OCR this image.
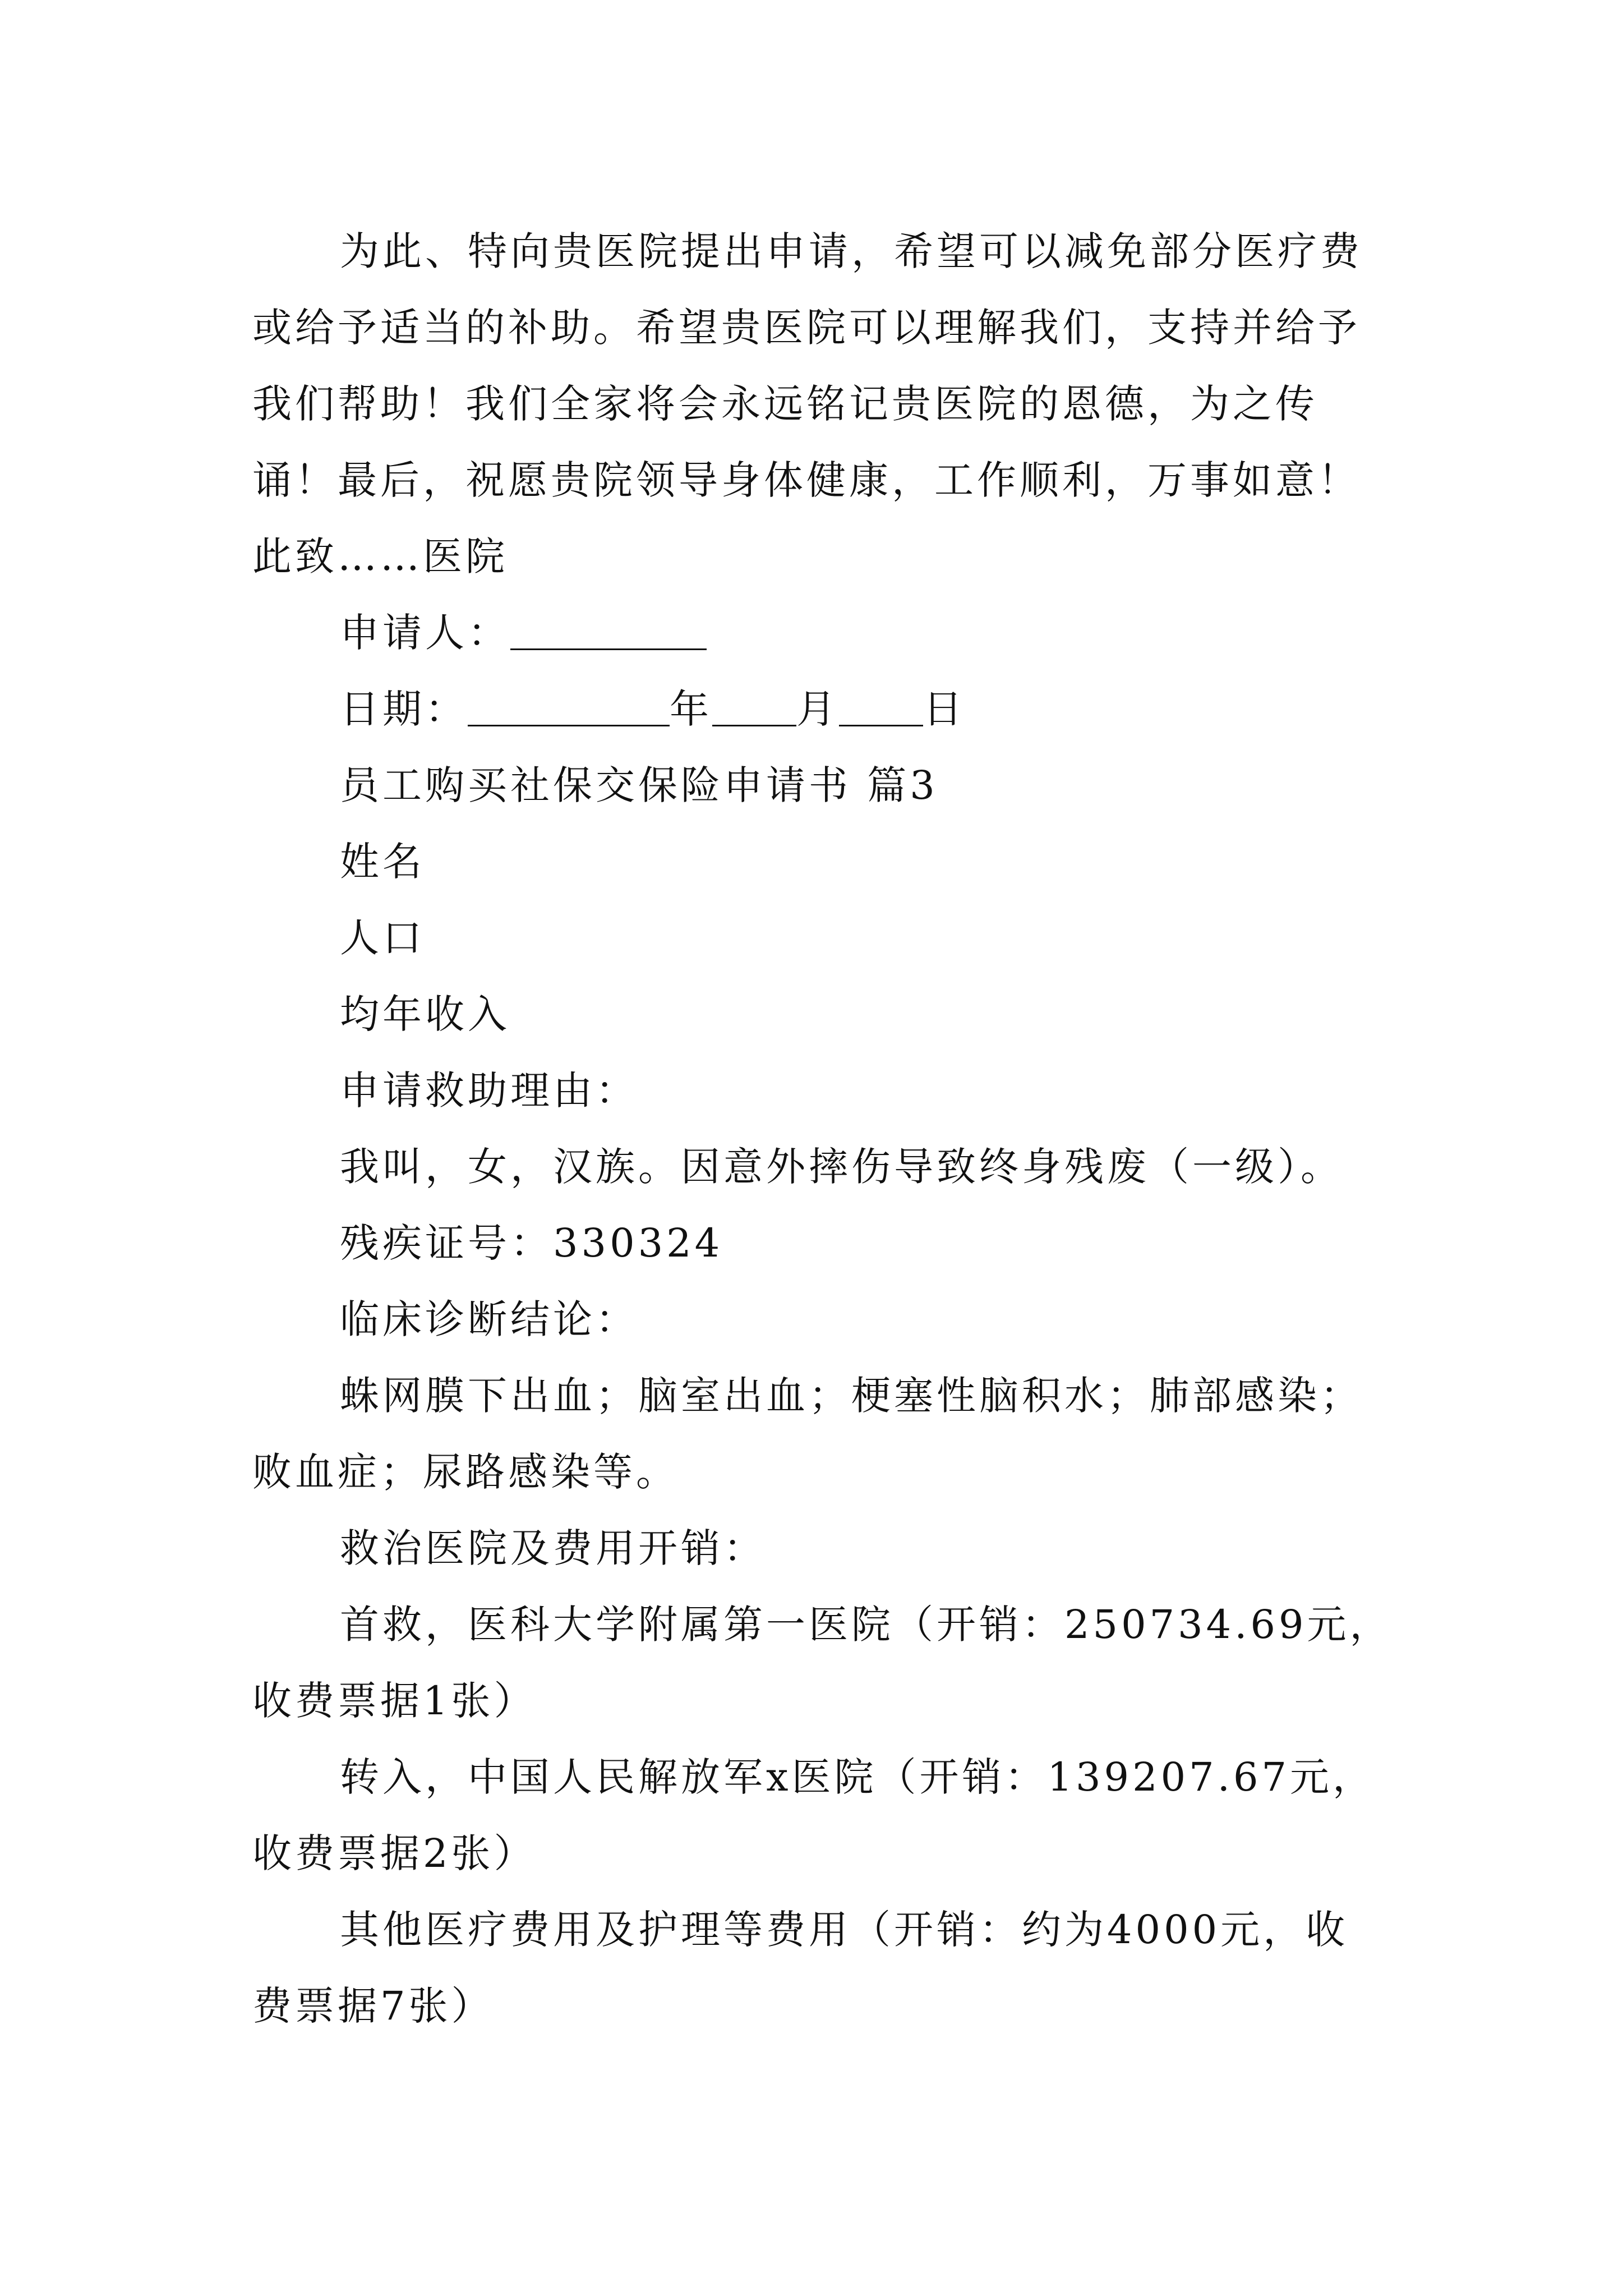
为此、特向贵医院提出申请，希望可以减免部分医疗费
或给予适当的补助。希望贵医院可以理解我们，支持并给予
我们帮助！我们全家将会永远铭记贵医院的恩德，为之传
诵！最后，祝愿贵院领导身体健康，工作顺利，万事如意！
此致……医院
申请人：
日期：	年 月 日
员工购买社保交保险申请书 篇3
姓名
人口
均年收入
申请救助理由：
我叫，女，汉族。因意外摔伤导致终身残废（一级）。
残疾证号：330324
临床诊断结论：
蛛网膜下出血；脑室出血；梗塞性脑积水；肺部感染；
败血症；尿路感染等。
救治医院及费用开销：
首救，医科大学附属第一医院（开销：250734.69元，
收费票据1张）
转入，中国人民解放军x医院（开销：139207.67元，
收费票据2张）
其他医疗费用及护理等费用（开销：约为4000元，收
费票据7张）
